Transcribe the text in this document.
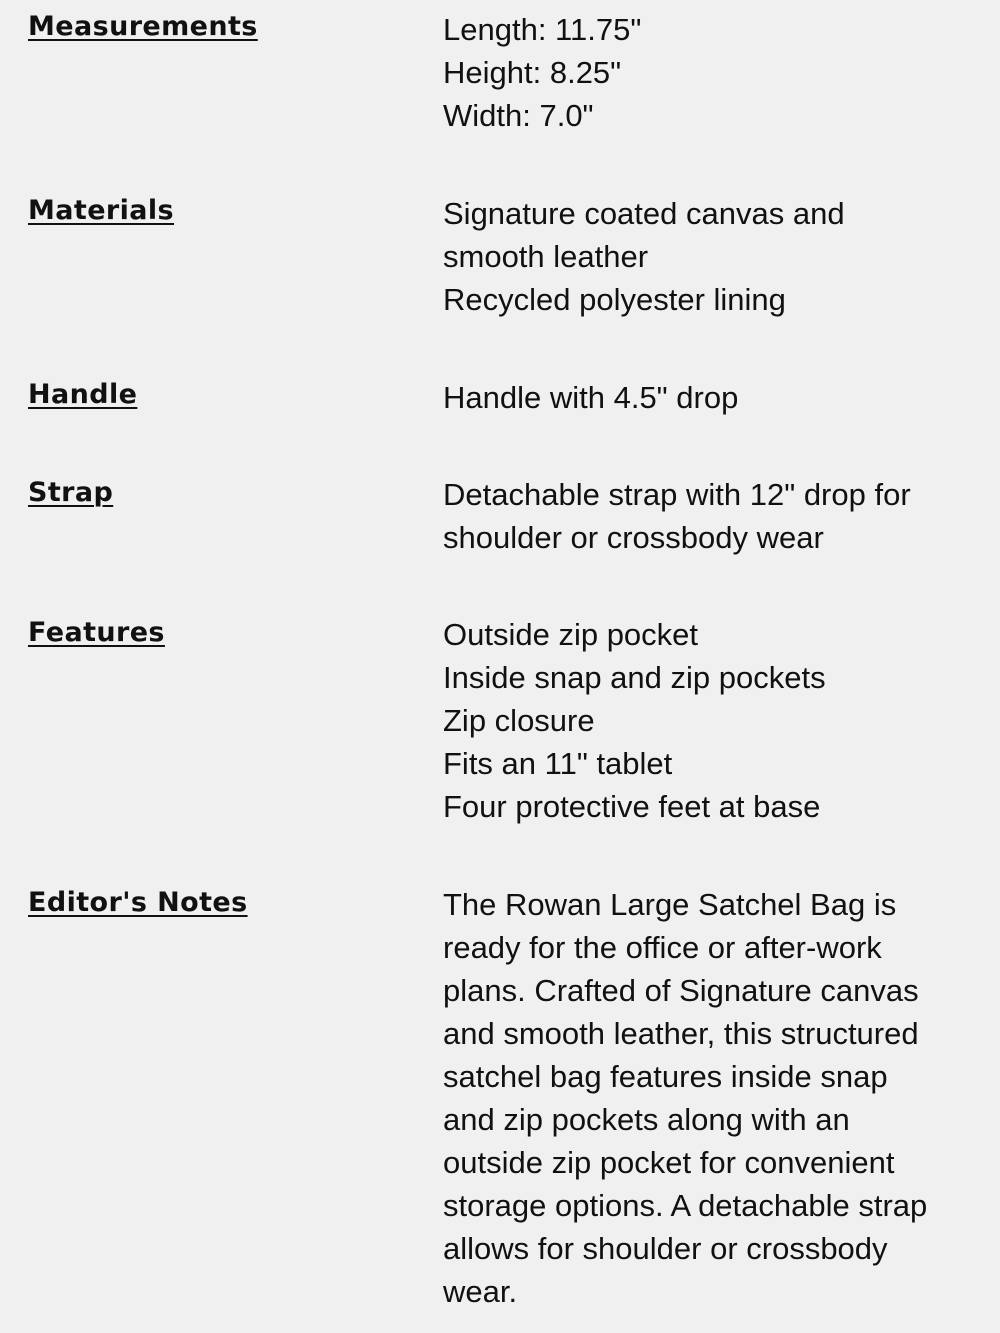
Measurements	Length: 11.75"
Height: 8.25"
Width: 7.0"
Materials	Signature coated canvas and
smooth leather
Recycled polyester lining
Handle	Handle with 4.5" drop
Strap	Detachable strap with 12" drop for
shoulder or crossbody wear
Features	Outside zip pocket
Inside snap and zip pockets
Zip closure
Fits an 11" tablet
Four protective feet at base
Editor's Notes	The Rowan Large Satchel Bag is
ready for the office or after-work
plans. Crafted of Signature canvas
and smooth leather, this structured
satchel bag features inside snap
and zip pockets along with an
outside zip pocket for convenient
storage options. A detachable strap
allows for shoulder or crossbody
wear.
